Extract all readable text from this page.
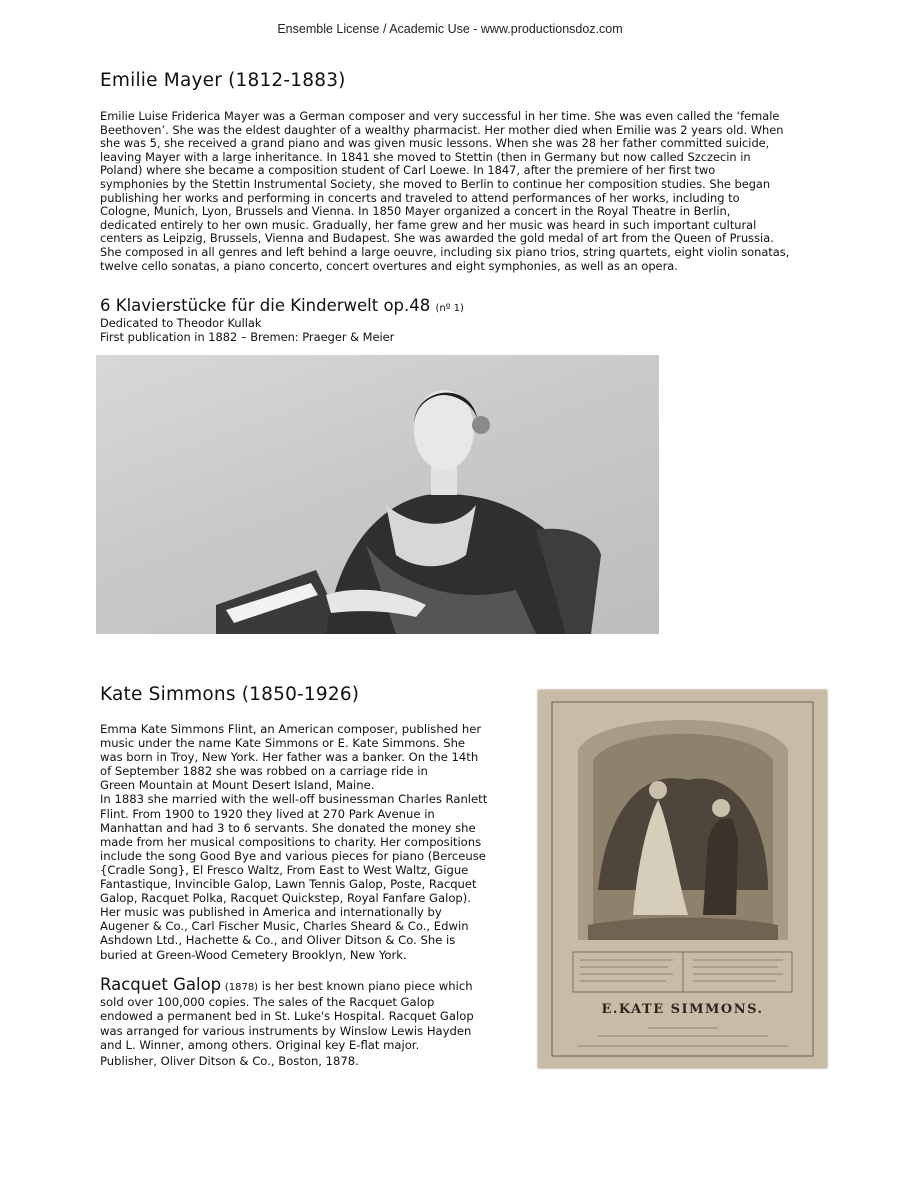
Ensemble License / Academic Use - www.productionsdoz.com
Emilie Mayer (1812-1883)
Emilie Luise Friderica Mayer was a German composer and very successful in her time. She was even called the ‘female
Beethoven’. She was the eldest daughter of a wealthy pharmacist. Her mother died when Emilie was 2 years old. When
she was 5, she received a grand piano and was given music lessons. When she was 28 her father committed suicide,
leaving Mayer with a large inheritance. In 1841 she moved to Stettin (then in Germany but now called Szczecin in
Poland) where she became a composition student of Carl Loewe. In 1847, after the premiere of her first two
symphonies by the Stettin Instrumental Society, she moved to Berlin to continue her composition studies. She began
publishing her works and performing in concerts and traveled to attend performances of her works, including to
Cologne, Munich, Lyon, Brussels and Vienna. In 1850 Mayer organized a concert in the Royal Theatre in Berlin,
dedicated entirely to her own music. Gradually, her fame grew and her music was heard in such important cultural
centers as Leipzig, Brussels, Vienna and Budapest. She was awarded the gold medal of art from the Queen of Prussia.
She composed in all genres and left behind a large oeuvre, including six piano trios, string quartets, eight violin sonatas,
twelve cello sonatas, a piano concerto, concert overtures and eight symphonies, as well as an opera.
6 Klavierstücke für die Kinderwelt op.48 (nº 1)
Dedicated to Theodor Kullak
First publication in 1882 – Bremen: Praeger & Meier
Kate Simmons (1850-1926)
Emma Kate Simmons Flint, an American composer, published her
music under the name Kate Simmons or E. Kate Simmons. She
was born in Troy, New York. Her father was a banker. On the 14th
of September 1882 she was robbed on a carriage ride in
Green Mountain at Mount Desert Island, Maine.
In 1883 she married with the well-off businessman Charles Ranlett
Flint. From 1900 to 1920 they lived at 270 Park Avenue in
Manhattan and had 3 to 6 servants. She donated the money she
made from her musical compositions to charity. Her compositions
include the song Good Bye and various pieces for piano (Berceuse
{Cradle Song}, El Fresco Waltz, From East to West Waltz, Gigue
Fantastique, Invincible Galop, Lawn Tennis Galop, Poste, Racquet
Galop, Racquet Polka, Racquet Quickstep, Royal Fanfare Galop).
Her music was published in America and internationally by
Augener & Co., Carl Fischer Music, Charles Sheard & Co., Edwin
Ashdown Ltd., Hachette & Co., and Oliver Ditson & Co. She is
buried at Green-Wood Cemetery Brooklyn, New York.
Racquet Galop (1878) is her best known piano piece which
sold over 100,000 copies. The sales of the Racquet Galop
endowed a permanent bed in St. Luke's Hospital. Racquet Galop
was arranged for various instruments by Winslow Lewis Hayden
and L. Winner, among others. Original key E-flat major.
Publisher, Oliver Ditson & Co., Boston, 1878.
E.KATE SIMMONS.
